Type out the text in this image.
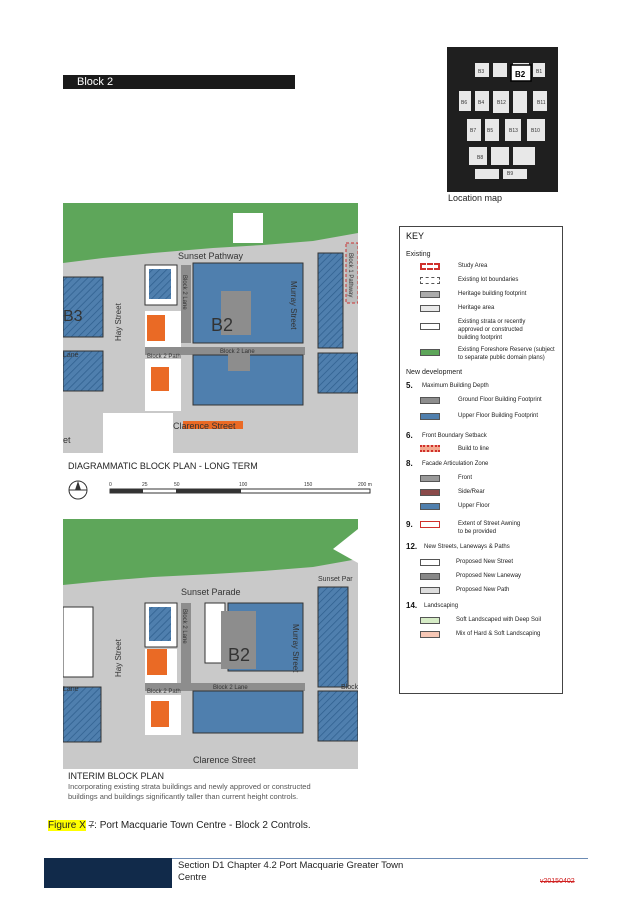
Block 2
B3	B2 B1
B6 B4	B12	B11
B7 B5	B13	B10
B8
B9
Location map
Sunset Pathway
B2	Murray Street
Hay Street
Clarence Street
Block 2 Lane
Block 2 Lane
Block 2 Path
Lane
B3
et
Block 1 Pathway
DIAGRAMMATIC BLOCK PLAN - LONG TERM
0	25	50	100	150	200 m
Sunset Parade
B2	Murray Street
Hay Street
Clarence Street
Block 2 Lane
Block 2 Lane
Block 2 Path
Sunset Par
Lane	Block
INTERIM BLOCK PLAN
Incorporating existing strata buildings and newly approved or constructed
buildings and buildings significantly taller than current height controls.
KEY
Existing
Study Area
Existing lot boundaries
Heritage building footprint
Heritage area
Existing strata or recently
approved or constructed
building footprint
Existing Foreshore Reserve (subject
to separate public domain plans)
New development
5. Maximum Building Depth
Ground Floor Building Footprint
Upper Floor Building Footprint
6. Front Boundary Setback
Build to line
8. Facade Articulation Zone
Front
Side/Rear
Upper Floor
9.	Extent of Street Awning
to be provided
12. New Streets, Laneways & Paths
Proposed New Street
Proposed New Laneway
Proposed New Path
14. Landscaping
Soft Landscaped with Deep Soil
Mix of Hard & Soft Landscaping
Figure X 7: Port Macquarie Town Centre - Block 2 Controls.
Section D1 Chapter 4.2 Port Macquarie Greater Town
Centre	v20150402
